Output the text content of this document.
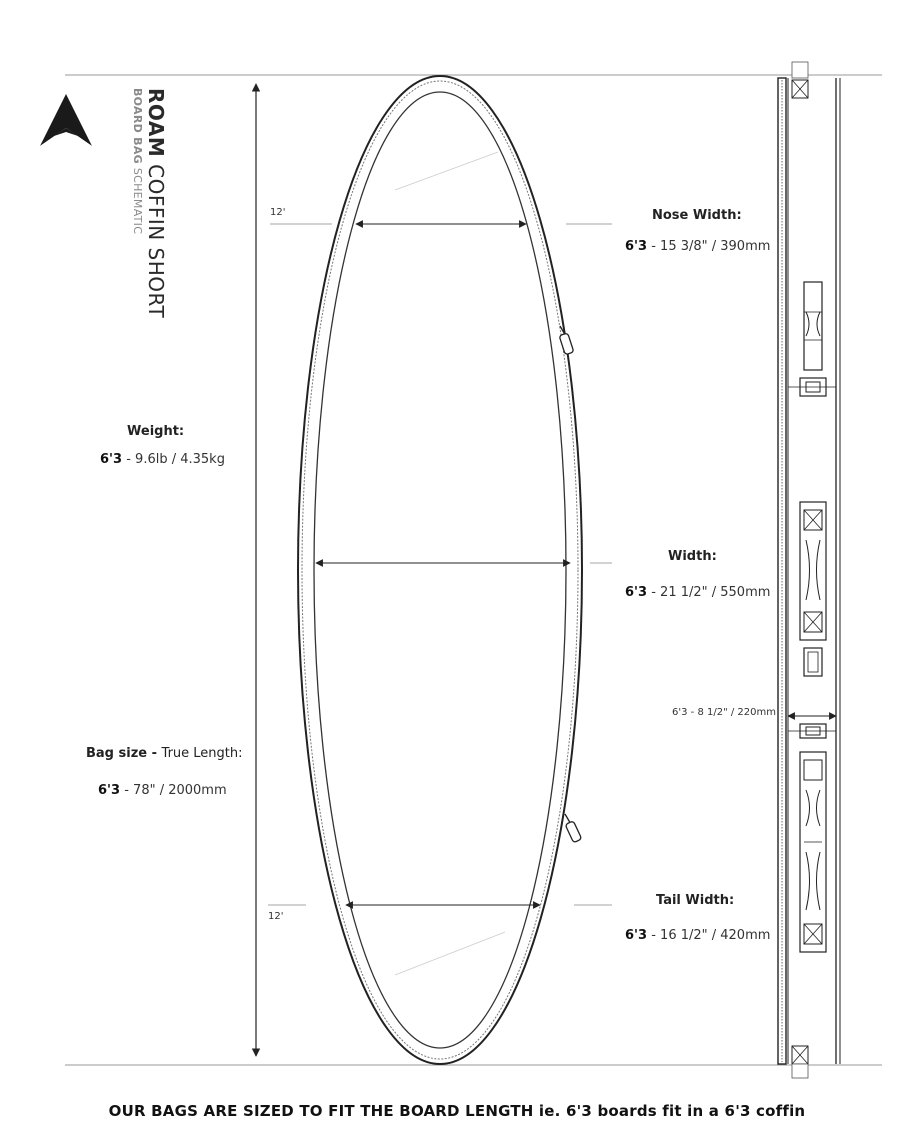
ROAM COFFIN SHORT
BOARD BAG SCHEMATIC	12'	Nose Width:
6'3 - 15 3/8" / 390mm
Width:
6'3 - 21 1/2" / 550mm
12'
Tail Width:
6'3 - 16 1/2" / 420mm
Weight:
6'3 - 9.6lb / 4.35kg
Bag size - True Length:
6'3 - 78" / 2000mm
6'3 - 8 1/2" / 220mm
OUR BAGS ARE SIZED TO FIT THE BOARD LENGTH ie. 6'3 boards fit in a 6'3 coffin
